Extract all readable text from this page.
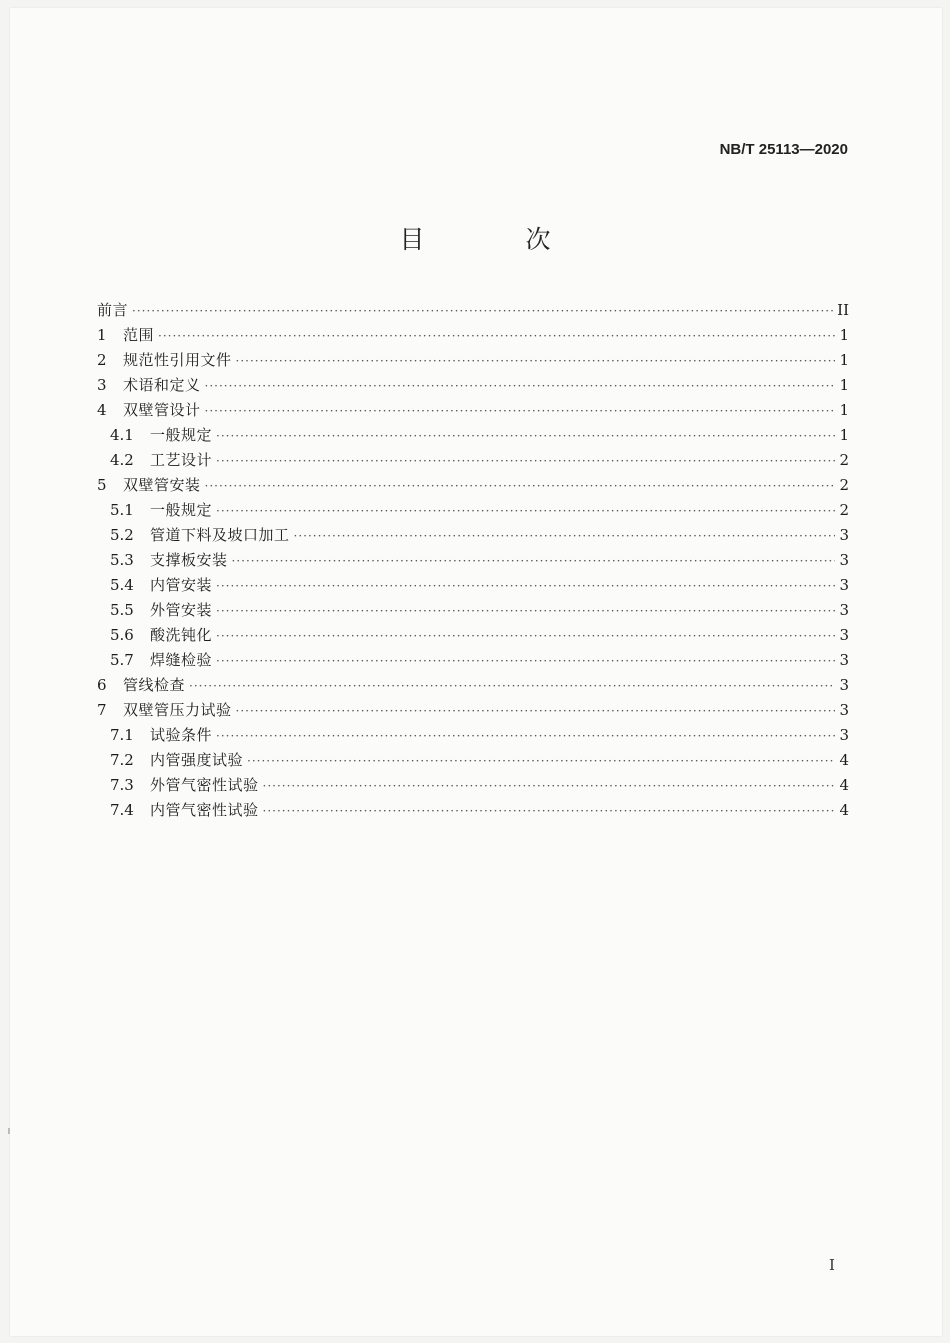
NB/T 25113—2020
目　次
前言 ·····	II
1	范围 ·····	1
2	规范性引用文件 ·····	1
3	术语和定义 ·····	1
4	双壁管设计 ·····	1
4.1	一般规定 ·····	1
4.2	工艺设计 ·····	2
5	双壁管安装 ·····	2
5.1	一般规定 ·····	2
5.2	管道下料及坡口加工 ·····	3
5.3	支撑板安装 ·····	3
5.4	内管安装 ·····	3
5.5	外管安装 ·····	3
5.6	酸洗钝化 ·····	3
5.7	焊缝检验 ·····	3
6	管线检查 ·····	3
7	双壁管压力试验 ·····	3
7.1	试验条件 ·····	3
7.2	内管强度试验 ·····	4
7.3	外管气密性试验 ·····	4
7.4	内管气密性试验 ·····	4
I
